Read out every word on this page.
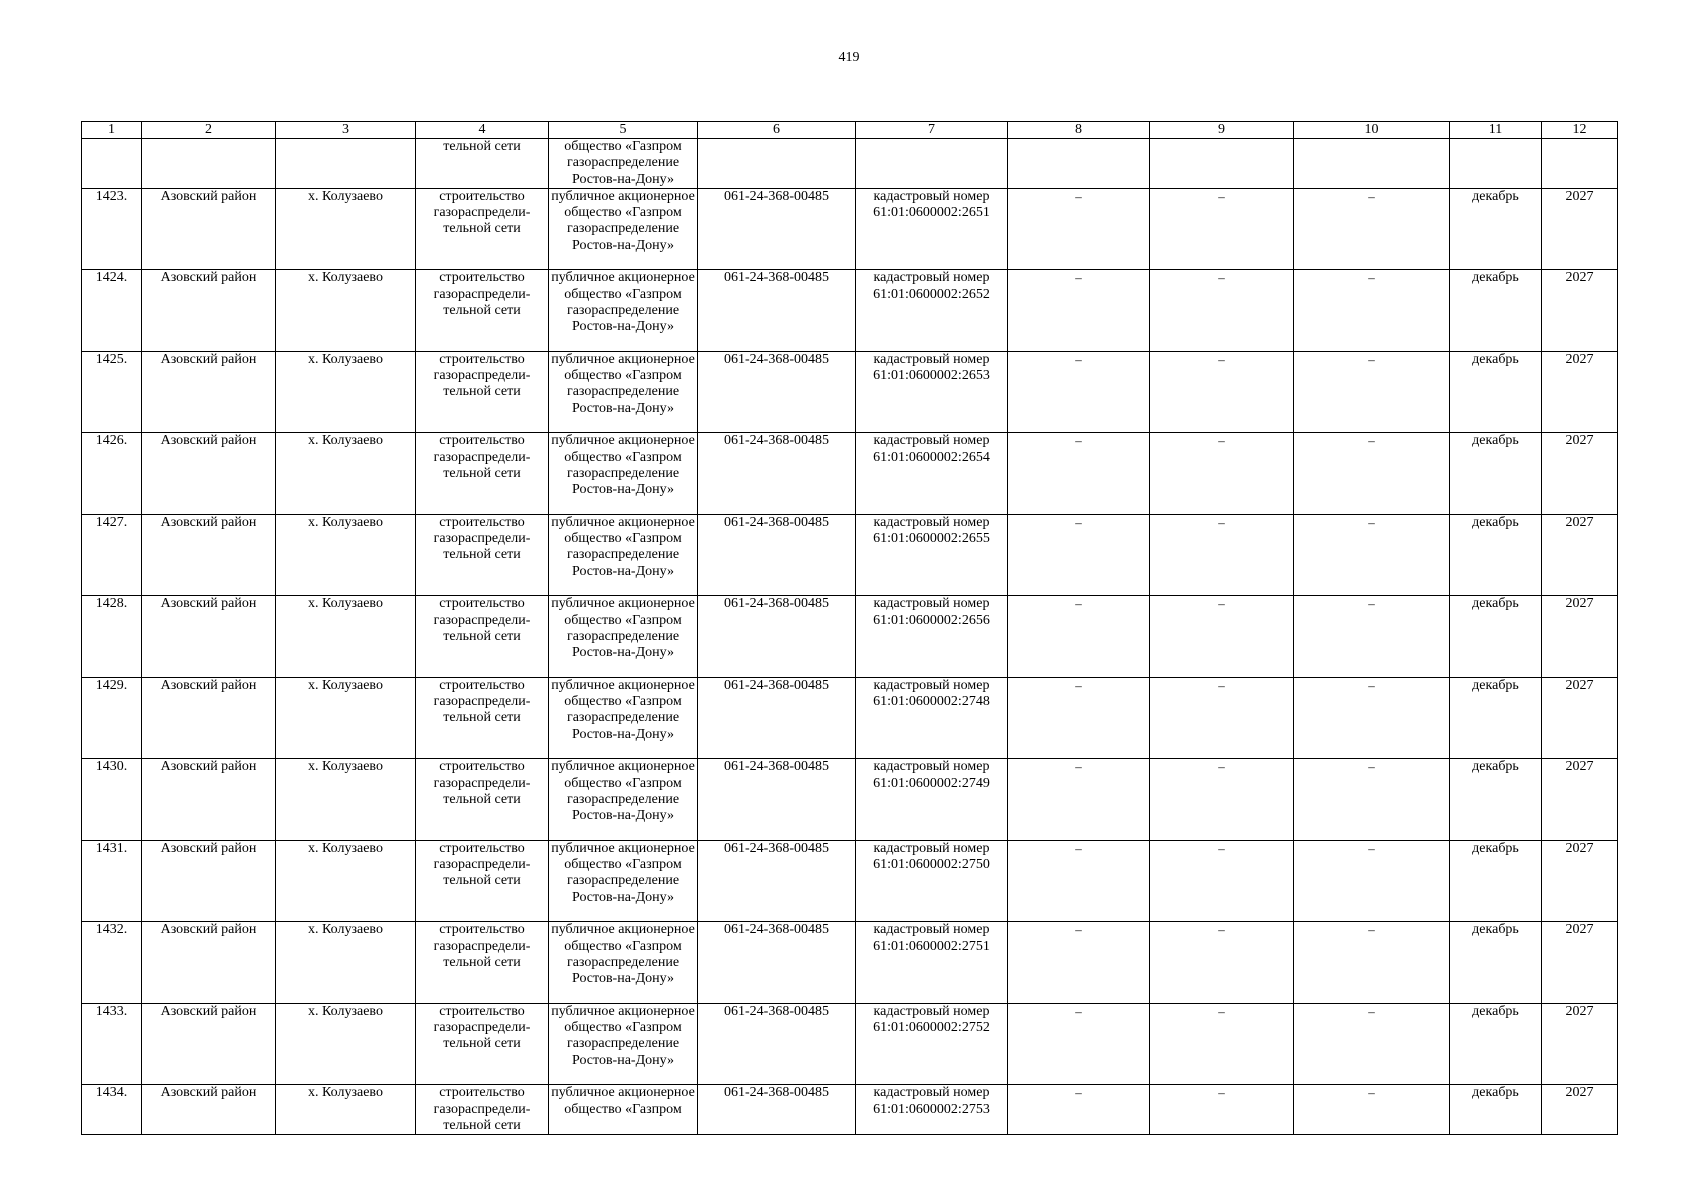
419
1	2	3	4	5	6	7	8	9	10	11	12
			тельной сети	общество «Газпром газораспределение Ростов-на-Дону»							
1423.	Азовский район	х. Колузаево	строительство газораспредели-тельной сети	публичное акционерное общество «Газпром газораспределение Ростов-на-Дону»	061-24-368-00485	кадастровый номер 61:01:0600002:2651	–	–	–	декабрь	2027
1424.	Азовский район	х. Колузаево	строительство газораспредели-тельной сети	публичное акционерное общество «Газпром газораспределение Ростов-на-Дону»	061-24-368-00485	кадастровый номер 61:01:0600002:2652	–	–	–	декабрь	2027
1425.	Азовский район	х. Колузаево	строительство газораспредели-тельной сети	публичное акционерное общество «Газпром газораспределение Ростов-на-Дону»	061-24-368-00485	кадастровый номер 61:01:0600002:2653	–	–	–	декабрь	2027
1426.	Азовский район	х. Колузаево	строительство газораспредели-тельной сети	публичное акционерное общество «Газпром газораспределение Ростов-на-Дону»	061-24-368-00485	кадастровый номер 61:01:0600002:2654	–	–	–	декабрь	2027
1427.	Азовский район	х. Колузаево	строительство газораспредели-тельной сети	публичное акционерное общество «Газпром газораспределение Ростов-на-Дону»	061-24-368-00485	кадастровый номер 61:01:0600002:2655	–	–	–	декабрь	2027
1428.	Азовский район	х. Колузаево	строительство газораспредели-тельной сети	публичное акционерное общество «Газпром газораспределение Ростов-на-Дону»	061-24-368-00485	кадастровый номер 61:01:0600002:2656	–	–	–	декабрь	2027
1429.	Азовский район	х. Колузаево	строительство газораспредели-тельной сети	публичное акционерное общество «Газпром газораспределение Ростов-на-Дону»	061-24-368-00485	кадастровый номер 61:01:0600002:2748	–	–	–	декабрь	2027
1430.	Азовский район	х. Колузаево	строительство газораспредели-тельной сети	публичное акционерное общество «Газпром газораспределение Ростов-на-Дону»	061-24-368-00485	кадастровый номер 61:01:0600002:2749	–	–	–	декабрь	2027
1431.	Азовский район	х. Колузаево	строительство газораспредели-тельной сети	публичное акционерное общество «Газпром газораспределение Ростов-на-Дону»	061-24-368-00485	кадастровый номер 61:01:0600002:2750	–	–	–	декабрь	2027
1432.	Азовский район	х. Колузаево	строительство газораспредели-тельной сети	публичное акционерное общество «Газпром газораспределение Ростов-на-Дону»	061-24-368-00485	кадастровый номер 61:01:0600002:2751	–	–	–	декабрь	2027
1433.	Азовский район	х. Колузаево	строительство газораспредели-тельной сети	публичное акционерное общество «Газпром газораспределение Ростов-на-Дону»	061-24-368-00485	кадастровый номер 61:01:0600002:2752	–	–	–	декабрь	2027
1434.	Азовский район	х. Колузаево	строительство газораспредели-тельной сети	публичное акционерное общество «Газпром	061-24-368-00485	кадастровый номер 61:01:0600002:2753	–	–	–	декабрь	2027
